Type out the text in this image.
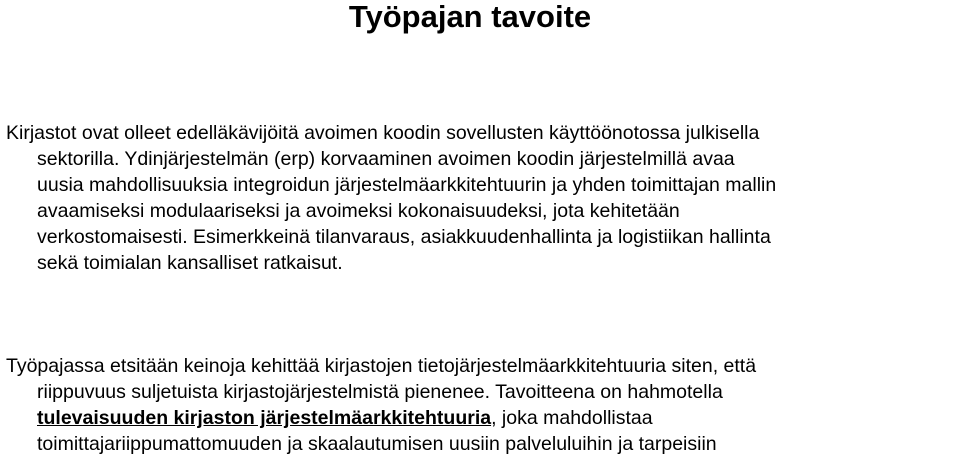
Työpajan tavoite
Kirjastot ovat olleet edelläkävijöitä avoimen koodin sovellusten käyttöönotossa julkisella
sektorilla. Ydinjärjestelmän (erp) korvaaminen avoimen koodin järjestelmillä avaa
uusia mahdollisuuksia integroidun järjestelmäarkkitehtuurin ja yhden toimittajan mallin
avaamiseksi modulaariseksi ja avoimeksi kokonaisuudeksi, jota kehitetään
verkostomaisesti. Esimerkkeinä tilanvaraus, asiakkuudenhallinta ja logistiikan hallinta
sekä toimialan kansalliset ratkaisut.
Työpajassa etsitään keinoja kehittää kirjastojen tietojärjestelmäarkkitehtuuria siten, että
riippuvuus suljetuista kirjastojärjestelmistä pienenee. Tavoitteena on hahmotella
tulevaisuuden kirjaston järjestelmäarkkitehtuuria, joka mahdollistaa
toimittajariippumattomuuden ja skaalautumisen uusiin palveluluihin ja tarpeisiin
